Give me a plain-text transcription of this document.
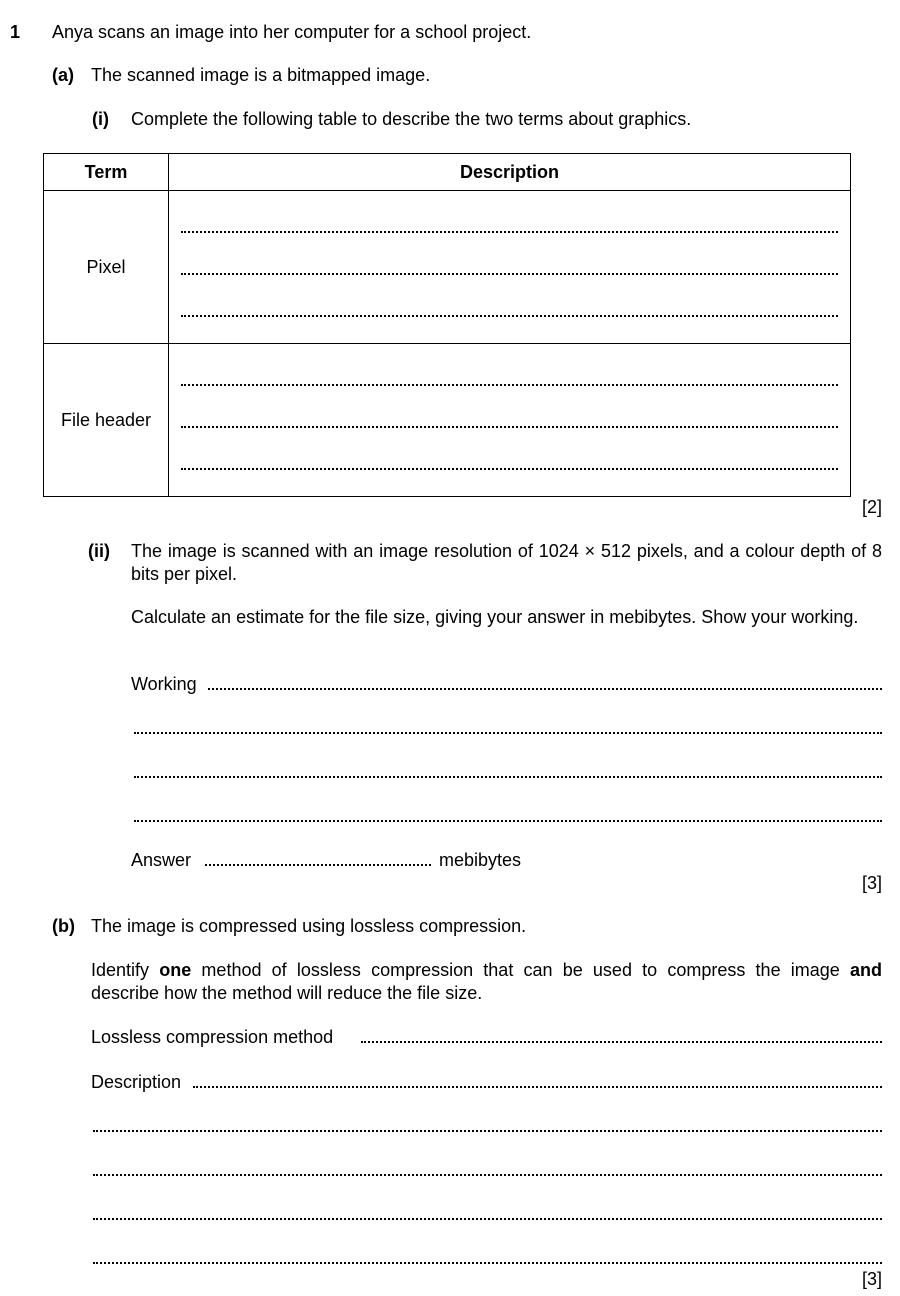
1 Anya scans an image into her computer for a school project.
(a) The scanned image is a bitmapped image.
(i) Complete the following table to describe the two terms about graphics.
Term	Description
Pixel	

File header	
[2]
(ii) The image is scanned with an image resolution of 1024 × 512 pixels, and a colour depth of 8 bits per pixel.
Calculate an estimate for the file size, giving your answer in mebibytes. Show your working.
Working
Answer	mebibytes
[3]
(b) The image is compressed using lossless compression.
Identify one method of lossless compression that can be used to compress the image and describe how the method will reduce the file size.
Lossless compression method
Description
[3]
